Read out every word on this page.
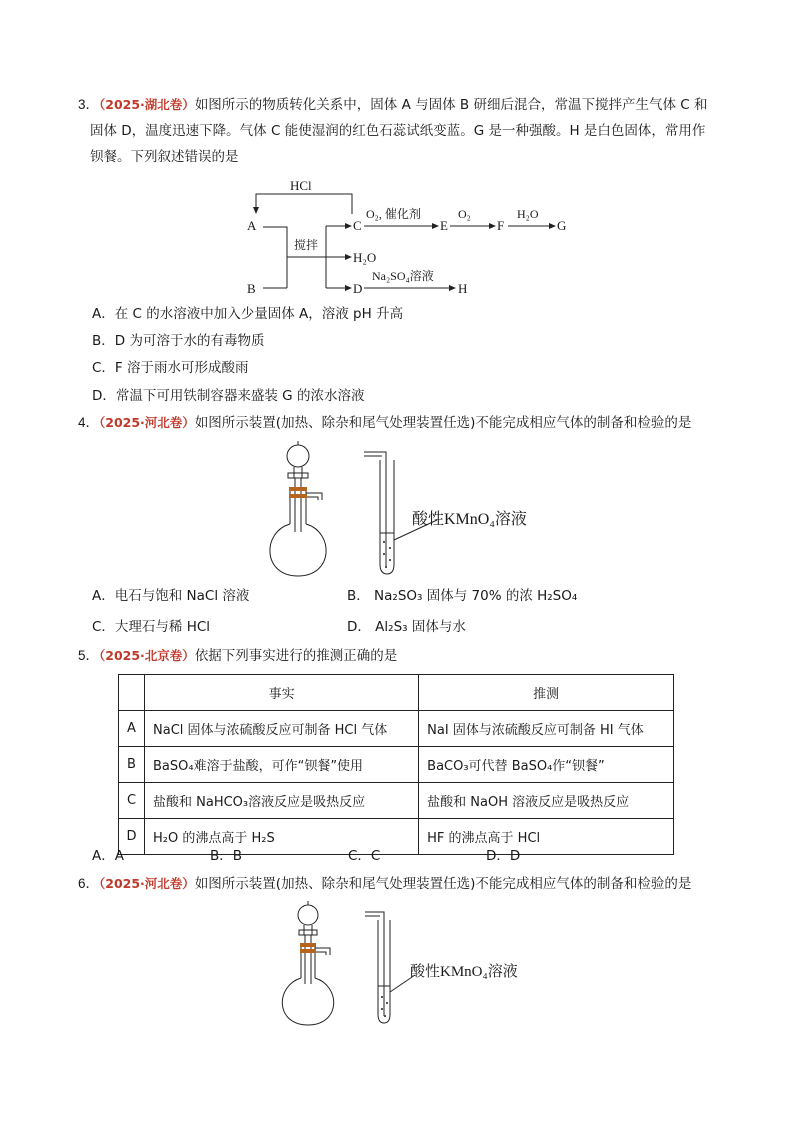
3．（2025·湖北卷）如图所示的物质转化关系中，固体 A 与固体 B 研细后混合，常温下搅拌产生气体 C 和
固体 D，温度迅速下降。气体 C 能使湿润的红色石蕊试纸变蓝。G 是一种强酸。H 是白色固体，常用作
钡餐。下列叙述错误的是
HCl
A
B
C
D
E	F	G
H
搅拌
O₂, 催化剂	O₂	H₂O
H₂O
Na₂SO₄溶液
A．在 C 的水溶液中加入少量固体 A，溶液 pH 升高
B．D 为可溶于水的有毒物质
C．F 溶于雨水可形成酸雨
D．常温下可用铁制容器来盛装 G 的浓水溶液
4．（2025·河北卷）如图所示装置(加热、除杂和尾气处理装置任选)不能完成相应气体的制备和检验的是
酸性KMnO₄溶液
A．电石与饱和 NaCl 溶液	B． Na₂SO₃ 固体与 70% 的浓 H₂SO₄
C．大理石与稀 HCl	D． Al₂S₃ 固体与水
5．（2025·北京卷）依据下列事实进行的推测正确的是
	事实	推测
A	NaCl 固体与浓硫酸反应可制备 HCl 气体	NaI 固体与浓硫酸反应可制备 HI 气体
B	BaSO₄难溶于盐酸，可作“钡餐”使用	BaCO₃可代替 BaSO₄作“钡餐”
C	盐酸和 NaHCO₃溶液反应是吸热反应	盐酸和 NaOH 溶液反应是吸热反应
D	H₂O 的沸点高于 H₂S	HF 的沸点高于 HCl
A．A	B．B	C．C	D．D
6．（2025·河北卷）如图所示装置(加热、除杂和尾气处理装置任选)不能完成相应气体的制备和检验的是
酸性KMnO₄溶液
